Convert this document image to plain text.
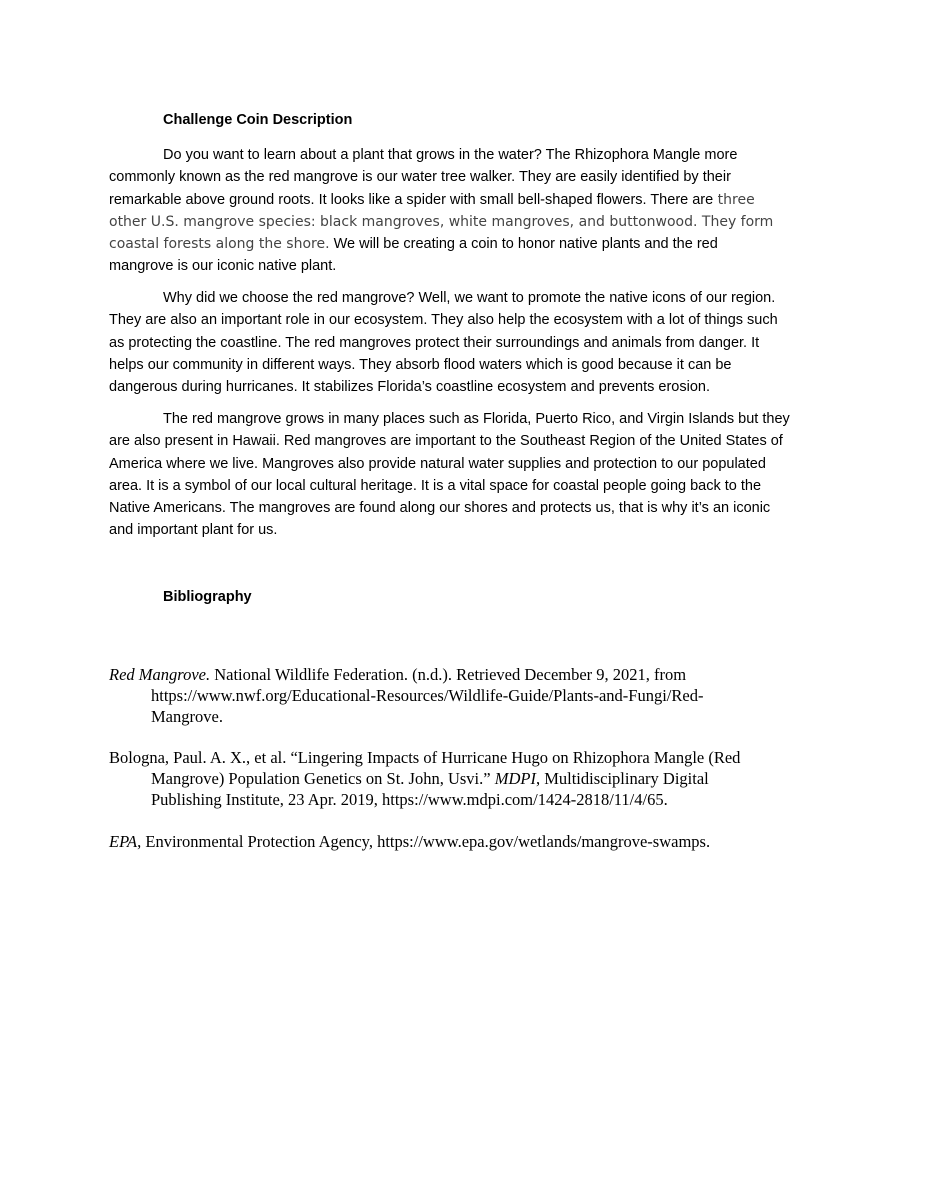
Challenge Coin Description
Do you want to learn about a plant that grows in the water? The Rhizophora Mangle more
commonly known as the red mangrove is our water tree walker. They are easily identified by their
remarkable above ground roots. It looks like a spider with small bell-shaped flowers. There are three
other U.S. mangrove species: black mangroves, white mangroves, and buttonwood. They form
coastal forests along the shore. We will be creating a coin to honor native plants and the red
mangrove is our iconic native plant.
Why did we choose the red mangrove? Well, we want to promote the native icons of our region.
They are also an important role in our ecosystem. They also help the ecosystem with a lot of things such
as protecting the coastline. The red mangroves protect their surroundings and animals from danger. It
helps our community in different ways. They absorb flood waters which is good because it can be
dangerous during hurricanes. It stabilizes Florida’s coastline ecosystem and prevents erosion.
The red mangrove grows in many places such as Florida, Puerto Rico, and Virgin Islands but they
are also present in Hawaii. Red mangroves are important to the Southeast Region of the United States of
America where we live. Mangroves also provide natural water supplies and protection to our populated
area. It is a symbol of our local cultural heritage. It is a vital space for coastal people going back to the
Native Americans. The mangroves are found along our shores and protects us, that is why it’s an iconic
and important plant for us.
Bibliography
Red Mangrove. National Wildlife Federation. (n.d.). Retrieved December 9, 2021, from
https://www.nwf.org/Educational-Resources/Wildlife-Guide/Plants-and-Fungi/Red-
Mangrove.
Bologna, Paul. A. X., et al. “Lingering Impacts of Hurricane Hugo on Rhizophora Mangle (Red
Mangrove) Population Genetics on St. John, Usvi.” MDPI, Multidisciplinary Digital
Publishing Institute, 23 Apr. 2019, https://www.mdpi.com/1424-2818/11/4/65.
EPA, Environmental Protection Agency, https://www.epa.gov/wetlands/mangrove-swamps.
